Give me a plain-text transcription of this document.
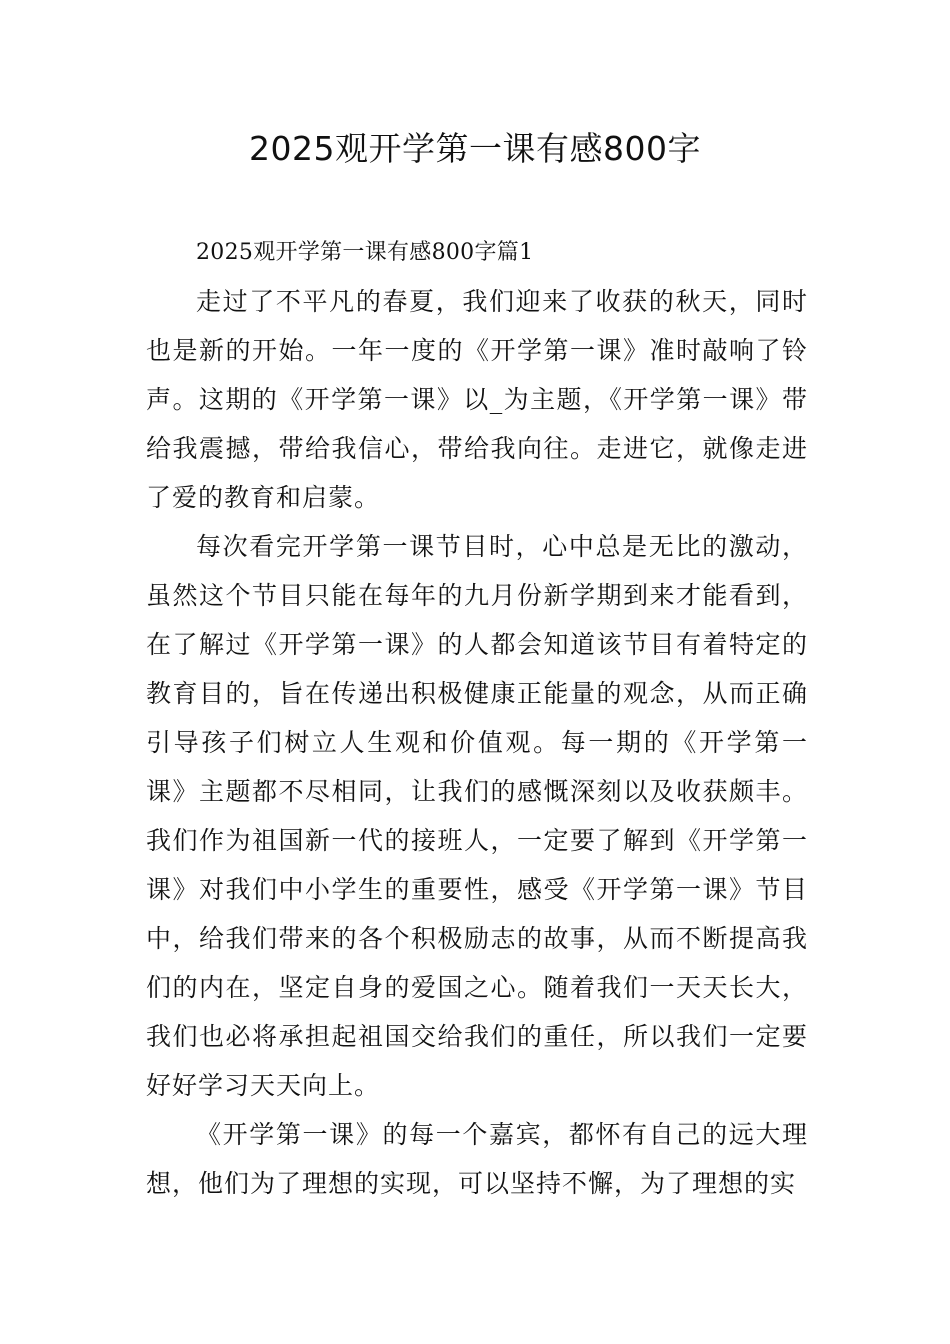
2025观开学第一课有感800字

2025观开学第一课有感800字篇1

走过了不平凡的春夏，我们迎来了收获的秋天，同时也是新的开始。一年一度的《开学第一课》准时敲响了铃声。这期的《开学第一课》以_为主题，《开学第一课》带给我震撼，带给我信心，带给我向往。走进它，就像走进了爱的教育和启蒙。

每次看完开学第一课节目时，心中总是无比的激动，虽然这个节目只能在每年的九月份新学期到来才能看到，在了解过《开学第一课》的人都会知道该节目有着特定的教育目的，旨在传递出积极健康正能量的观念，从而正确引导孩子们树立人生观和价值观。每一期的《开学第一课》主题都不尽相同，让我们的感慨深刻以及收获颇丰。我们作为祖国新一代的接班人，一定要了解到《开学第一课》对我们中小学生的重要性，感受《开学第一课》节目中，给我们带来的各个积极励志的故事，从而不断提高我们的内在，坚定自身的爱国之心。随着我们一天天长大，我们也必将承担起祖国交给我们的重任，所以我们一定要好好学习天天向上。

《开学第一课》的每一个嘉宾，都怀有自己的远大理想，他们为了理想的实现，可以坚持不懈，为了理想的实
